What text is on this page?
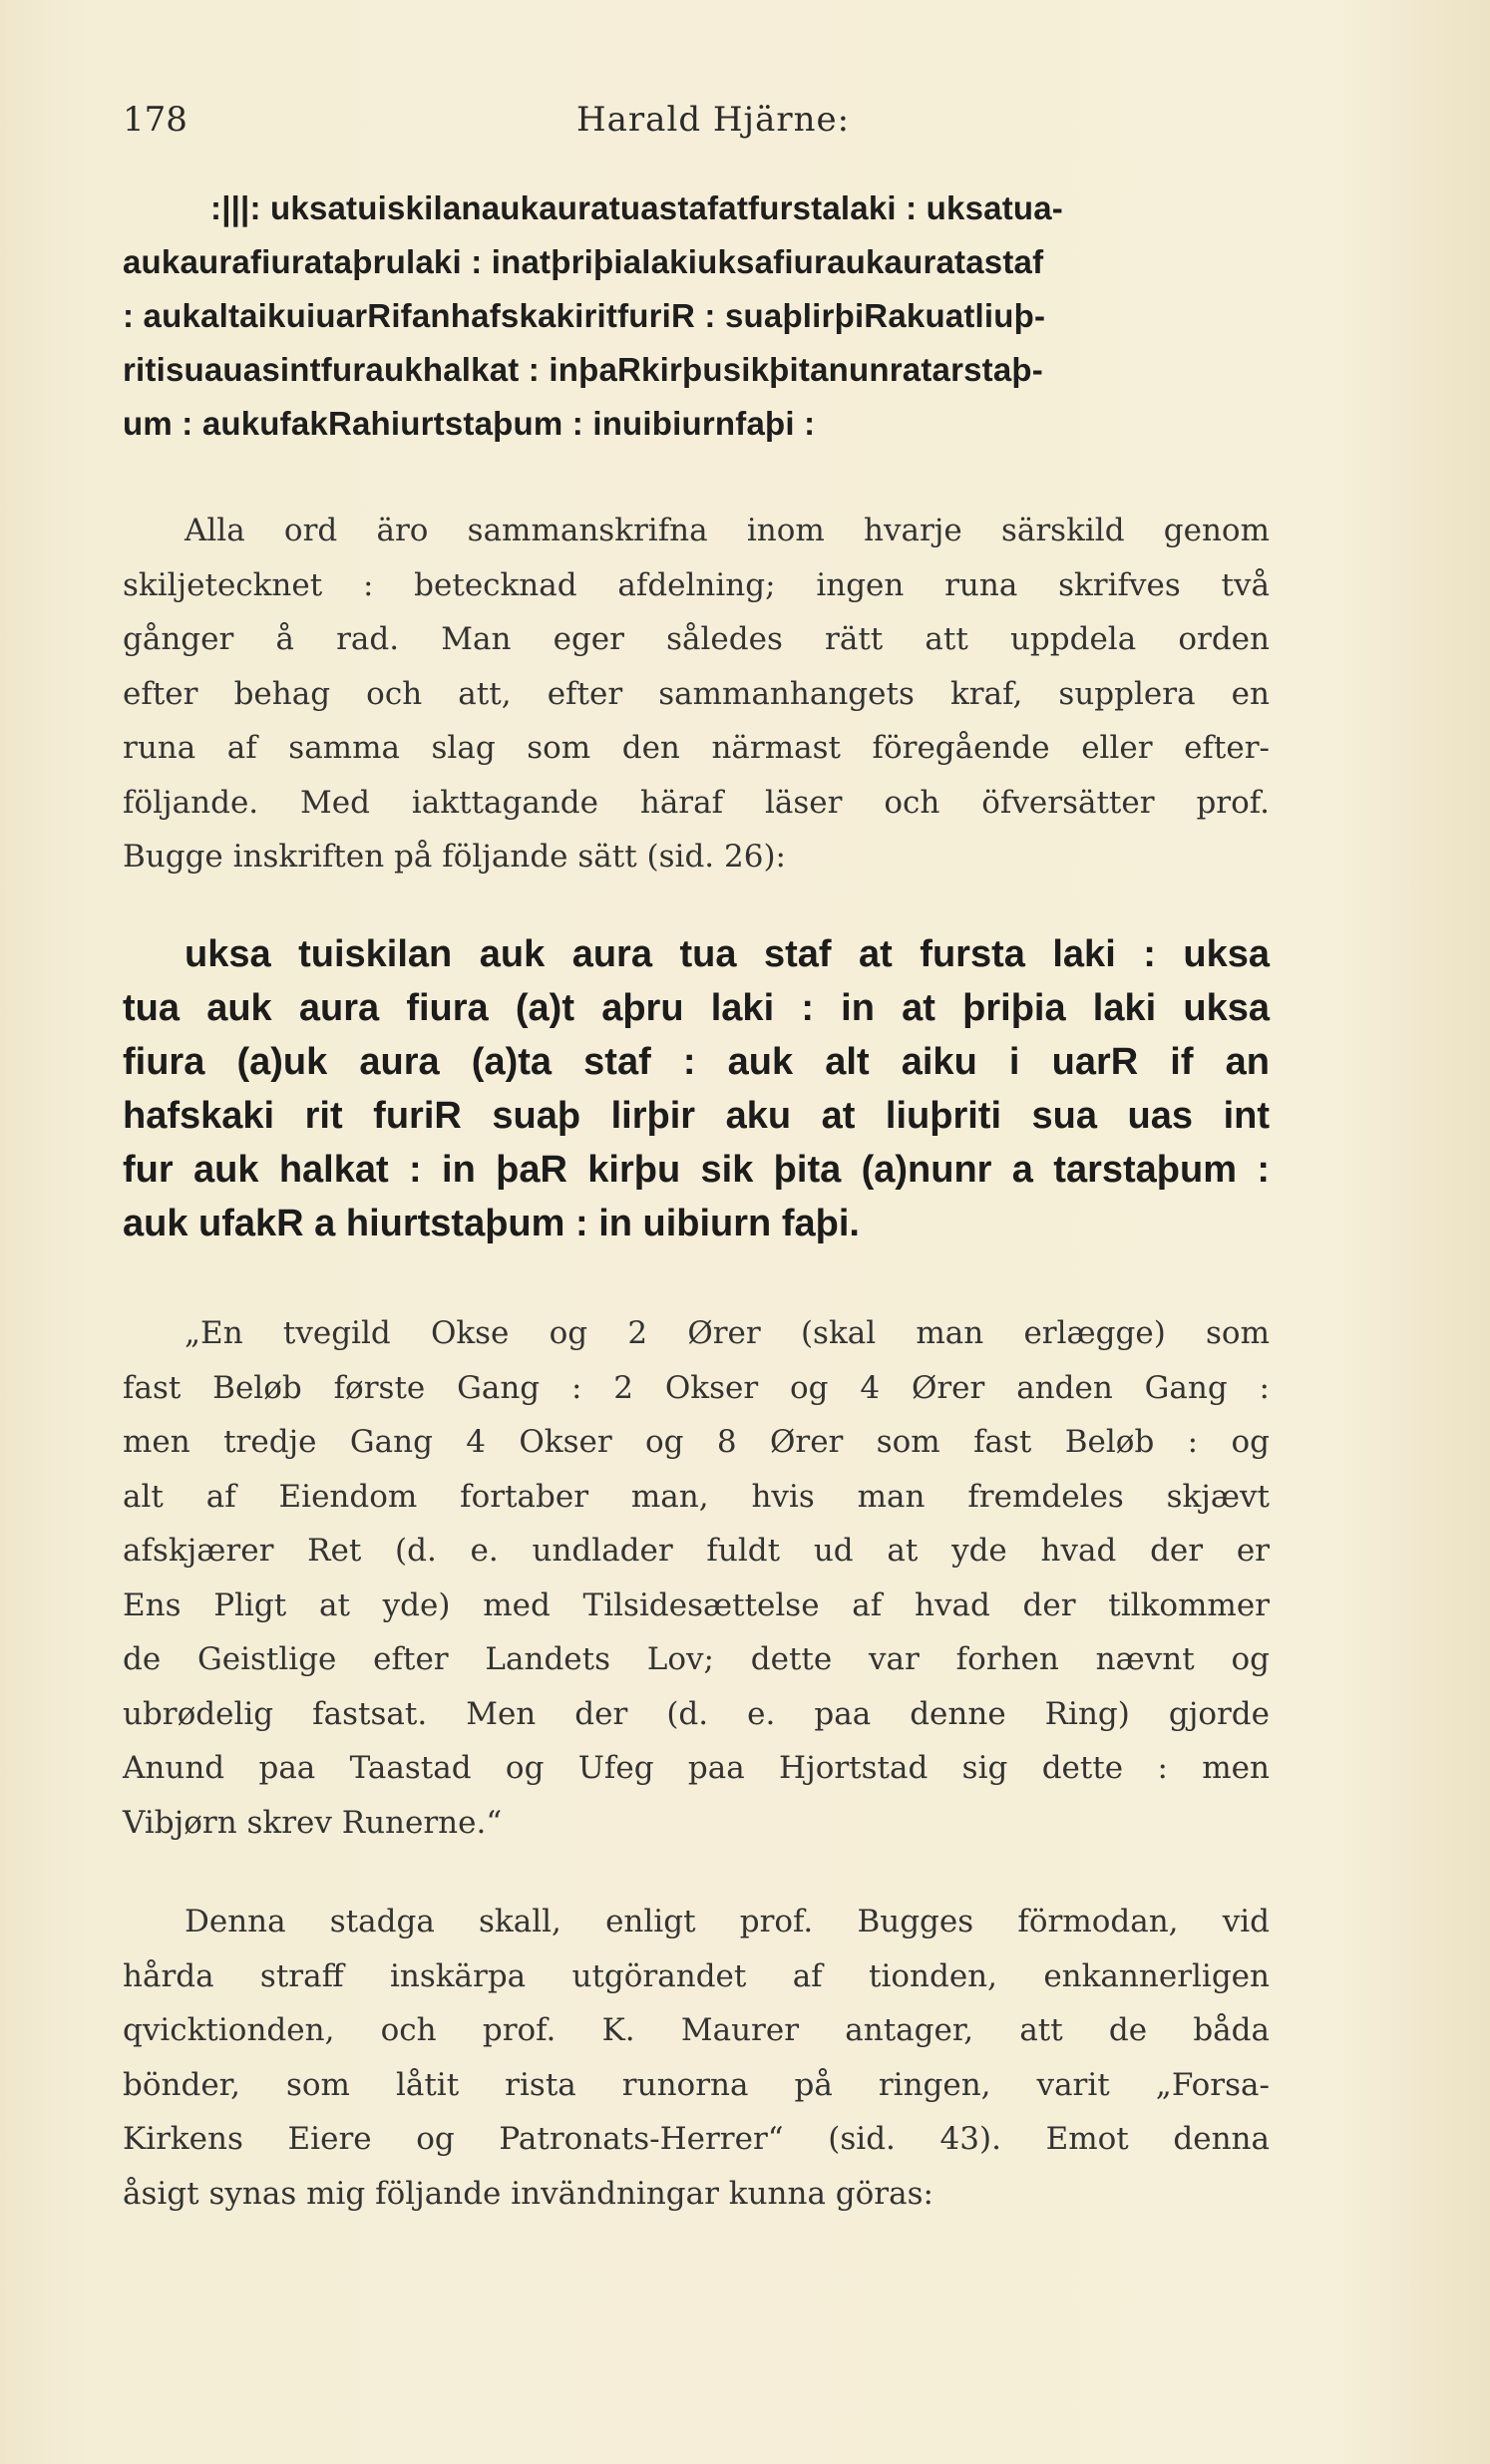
178	Harald Hjärne:
:|||: uksatuiskilanaukauratuastafatfurstalaki : uksatua-
aukaurafiurataþrulaki : inatþriþialakiuksafiuraukauratastaf
: aukaltaikuiuarRifanhafskakiritfuriR : suaþlirþiRakuatliuþ-
ritisuauasintfuraukhalkat : inþaRkirþusikþitanunratarstaþ-
um : aukufakRahiurtstaþum : inuibiurnfaþi :
Alla ord äro sammanskrifna inom hvarje särskild genom
skiljetecknet : betecknad afdelning; ingen runa skrifves två
gånger å rad. Man eger således rätt att uppdela orden
efter behag och att, efter sammanhangets kraf, supplera en
runa af samma slag som den närmast föregående eller efter-
följande. Med iakttagande häraf läser och öfversätter prof.
Bugge inskriften på följande sätt (sid. 26):
uksa tuiskilan auk aura tua staf at fursta laki : uksa
tua auk aura fiura (a)t aþru laki : in at þriþia laki uksa
fiura (a)uk aura (a)ta staf : auk alt aiku i uarR if an
hafskaki rit furiR suaþ lirþir aku at liuþriti sua uas int
fur auk halkat : in þaR kirþu sik þita (a)nunr a tarstaþum :
auk ufakR a hiurtstaþum : in uibiurn faþi.
„En tvegild Okse og 2 Ører (skal man erlægge) som
fast Beløb første Gang : 2 Okser og 4 Ører anden Gang :
men tredje Gang 4 Okser og 8 Ører som fast Beløb : og
alt af Eiendom fortaber man, hvis man fremdeles skjævt
afskjærer Ret (d. e. undlader fuldt ud at yde hvad der er
Ens Pligt at yde) med Tilsidesættelse af hvad der tilkommer
de Geistlige efter Landets Lov; dette var forhen nævnt og
ubrødelig fastsat. Men der (d. e. paa denne Ring) gjorde
Anund paa Taastad og Ufeg paa Hjortstad sig dette : men
Vibjørn skrev Runerne.“
Denna stadga skall, enligt prof. Bugges förmodan, vid
hårda straff inskärpa utgörandet af tionden, enkannerligen
qvicktionden, och prof. K. Maurer antager, att de båda
bönder, som låtit rista runorna på ringen, varit „Forsa-
Kirkens Eiere og Patronats-Herrer“ (sid. 43). Emot denna
åsigt synas mig följande invändningar kunna göras:
